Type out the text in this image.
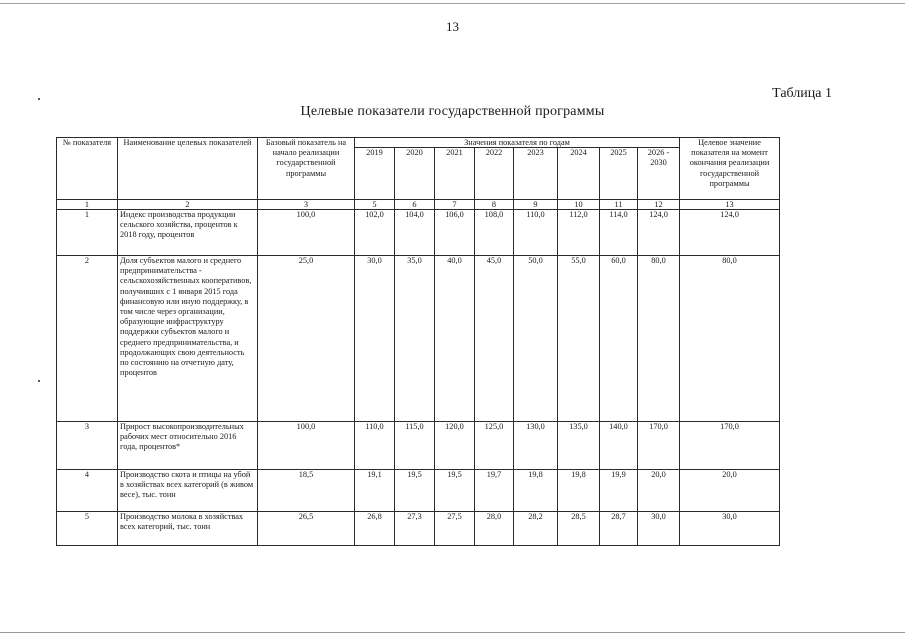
13
Таблица 1
Целевые показатели государственной программы
№ показателя	Наименование целевых показателей	Базовый показатель на начало реализации государственной программы	Значения показателя по годам								Целевое значение показателя на момент окончания реализации государственной программы
			2019	2020	2021	2022	2023	2024	2025	2026 - 2030	
1	2	3	5	6	7	8	9	10	11	12	13
1	Индекс производства продукции сельского хозяйства, процентов к 2018 году, процентов	100,0	102,0	104,0	106,0	108,0	110,0	112,0	114,0	124,0	124,0
2	Доля субъектов малого и среднего предпринимательства - сельскохозяйственных кооперативов, получивших с 1 января 2015 года финансовую или иную поддержку, в том числе через организации, образующие инфраструктуру поддержки субъектов малого и среднего предпринимательства, и продолжающих свою деятельность по состоянию на отчетную дату, процентов	25,0	30,0	35,0	40,0	45,0	50,0	55,0	60,0	80,0	80,0
3	Прирост высокопроизводительных рабочих мест относительно 2016 года, процентов*	100,0	110,0	115,0	120,0	125,0	130,0	135,0	140,0	170,0	170,0
4	Производство скота и птицы на убой в хозяйствах всех категорий (в живом весе), тыс. тонн	18,5	19,1	19,5	19,5	19,7	19,8	19,8	19,9	20,0	20,0
5	Производство молока в хозяйствах всех категорий, тыс. тонн	26,5	26,8	27,3	27,5	28,0	28,2	28,5	28,7	30,0	30,0
